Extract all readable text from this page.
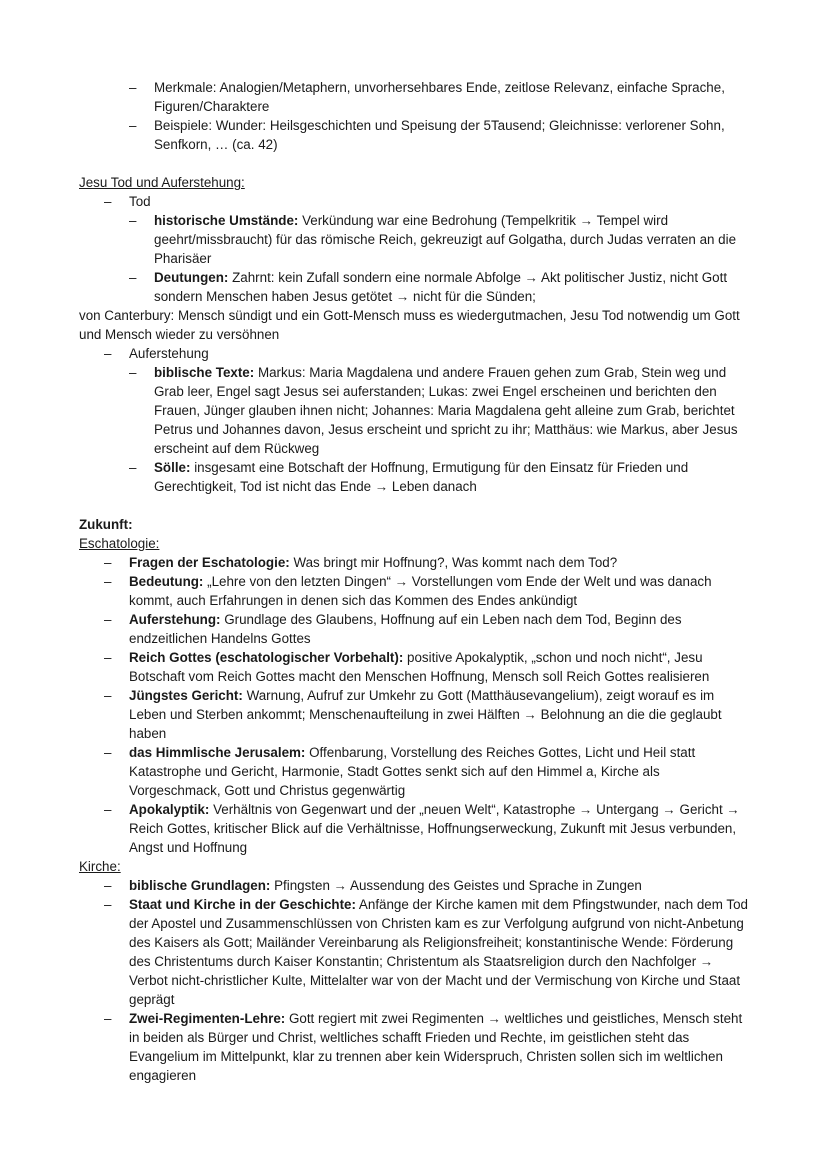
– Merkmale: Analogien/Metaphern, unvorhersehbares Ende, zeitlose Relevanz, einfache Sprache, Figuren/Charaktere
– Beispiele: Wunder: Heilsgeschichten und Speisung der 5Tausend; Gleichnisse: verlorener Sohn, Senfkorn, … (ca. 42)
Jesu Tod und Auferstehung:
– Tod
– historische Umstände: Verkündung war eine Bedrohung (Tempelkritik → Tempel wird geehrt/missbraucht) für das römische Reich, gekreuzigt auf Golgatha, durch Judas verraten an die Pharisäer
– Deutungen: Zahrnt: kein Zufall sondern eine normale Abfolge → Akt politischer Justiz, nicht Gott sondern Menschen haben Jesus getötet → nicht für die Sünden;
von Canterbury: Mensch sündigt und ein Gott-Mensch muss es wiedergutmachen, Jesu Tod notwendig um Gott und Mensch wieder zu versöhnen
– Auferstehung
– biblische Texte: Markus: Maria Magdalena und andere Frauen gehen zum Grab, Stein weg und Grab leer, Engel sagt Jesus sei auferstanden; Lukas: zwei Engel erscheinen und berichten den Frauen, Jünger glauben ihnen nicht; Johannes: Maria Magdalena geht alleine zum Grab, berichtet Petrus und Johannes davon, Jesus erscheint und spricht zu ihr; Matthäus: wie Markus, aber Jesus erscheint auf dem Rückweg
– Sölle: insgesamt eine Botschaft der Hoffnung, Ermutigung für den Einsatz für Frieden und Gerechtigkeit, Tod ist nicht das Ende → Leben danach
Zukunft:
Eschatologie:
– Fragen der Eschatologie: Was bringt mir Hoffnung?, Was kommt nach dem Tod?
– Bedeutung: „Lehre von den letzten Dingen“ → Vorstellungen vom Ende der Welt und was danach kommt, auch Erfahrungen in denen sich das Kommen des Endes ankündigt
– Auferstehung: Grundlage des Glaubens, Hoffnung auf ein Leben nach dem Tod, Beginn des endzeitlichen Handelns Gottes
– Reich Gottes (eschatologischer Vorbehalt): positive Apokalyptik, „schon und noch nicht“, Jesu Botschaft vom Reich Gottes macht den Menschen Hoffnung, Mensch soll Reich Gottes realisieren
– Jüngstes Gericht: Warnung, Aufruf zur Umkehr zu Gott (Matthäusevangelium), zeigt worauf es im Leben und Sterben ankommt; Menschenaufteilung in zwei Hälften → Belohnung an die die geglaubt haben
– das Himmlische Jerusalem: Offenbarung, Vorstellung des Reiches Gottes, Licht und Heil statt Katastrophe und Gericht, Harmonie, Stadt Gottes senkt sich auf den Himmel a, Kirche als Vorgeschmack, Gott und Christus gegenwärtig
– Apokalyptik: Verhältnis von Gegenwart und der „neuen Welt“, Katastrophe → Untergang → Gericht → Reich Gottes, kritischer Blick auf die Verhältnisse, Hoffnungserweckung, Zukunft mit Jesus verbunden, Angst und Hoffnung
Kirche:
– biblische Grundlagen: Pfingsten → Aussendung des Geistes und Sprache in Zungen
– Staat und Kirche in der Geschichte: Anfänge der Kirche kamen mit dem Pfingstwunder, nach dem Tod der Apostel und Zusammenschlüssen von Christen kam es zur Verfolgung aufgrund von nicht-Anbetung des Kaisers als Gott; Mailänder Vereinbarung als Religionsfreiheit; konstantinische Wende: Förderung des Christentums durch Kaiser Konstantin; Christentum als Staatsreligion durch den Nachfolger → Verbot nicht-christlicher Kulte, Mittelalter war von der Macht und der Vermischung von Kirche und Staat geprägt
– Zwei-Regimenten-Lehre: Gott regiert mit zwei Regimenten → weltliches und geistliches, Mensch steht in beiden als Bürger und Christ, weltliches schafft Frieden und Rechte, im geistlichen steht das Evangelium im Mittelpunkt, klar zu trennen aber kein Widerspruch, Christen sollen sich im weltlichen engagieren
